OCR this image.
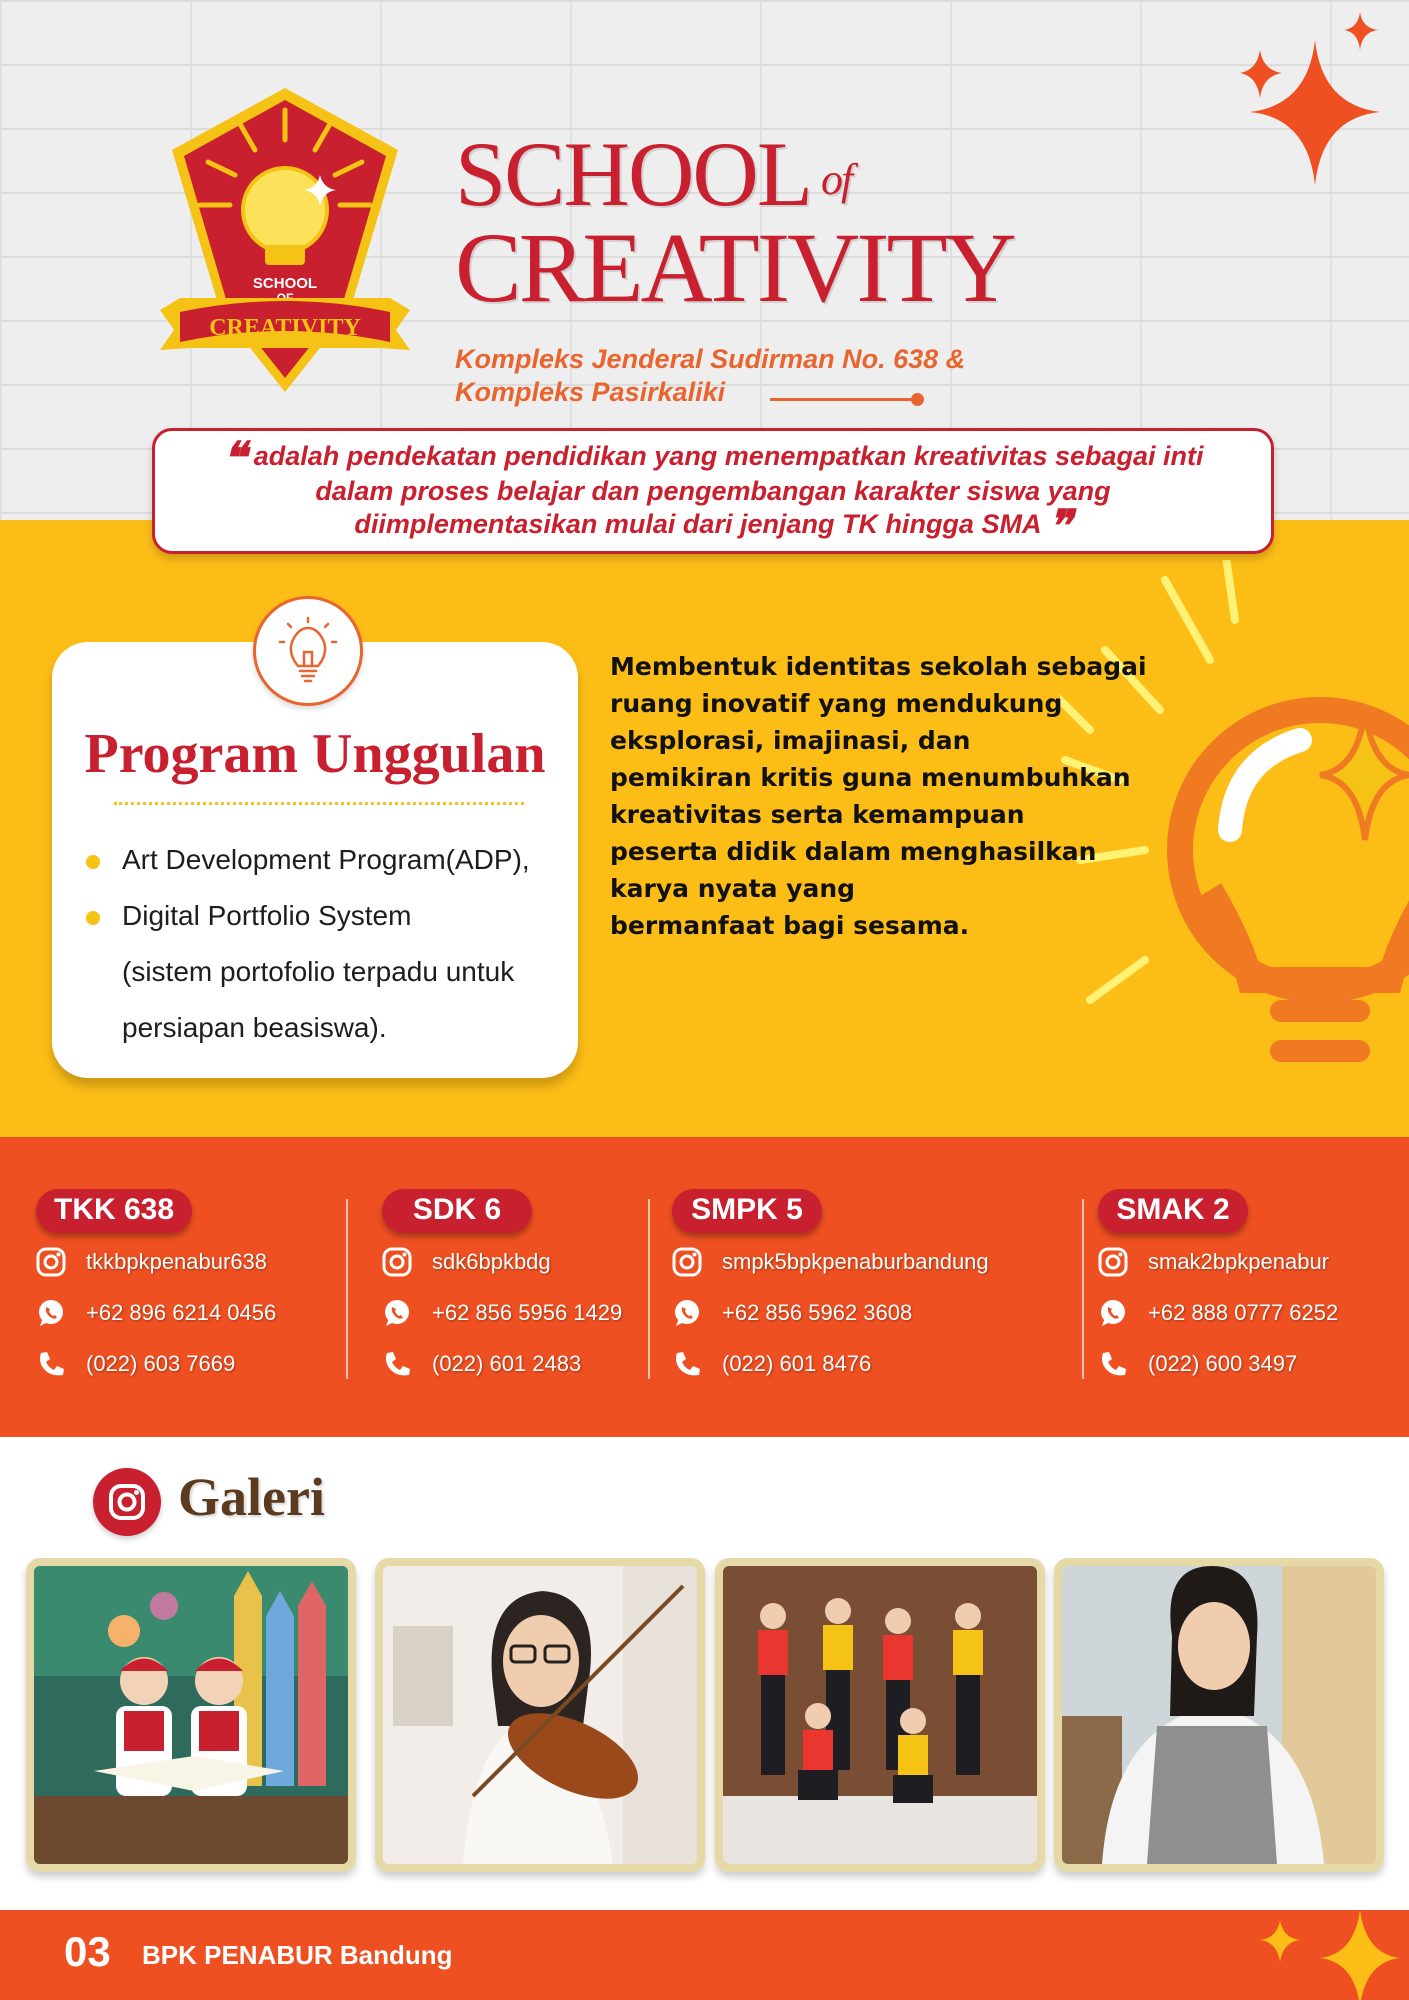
SCHOOL
CREATIVITY
SCHOOL $^{of}$
CREATIVITY
Kompleks Jenderal Sudirman No. 638 &
Kompleks Pasirkaliki

❝ adalah pendekatan pendidikan yang menempatkan kreativitas sebagai inti dalam proses belajar dan pengembangan karakter siswa yang diimplementasikan mulai dari jenjang TK hingga SMA ❞

Program Unggulan
Art Development Program(ADP),
Digital Portfolio System
(sistem portofolio terpadu untuk
persiapan beasiswa).
Membentuk identitas sekolah sebagai
ruang inovatif yang mendukung
eksplorasi, imajinasi, dan
pemikiran kritis guna menumbuhkan
kreativitas serta kemampuan
peserta didik dalam menghasilkan
karya nyata yang
bermanfaat bagi sesama.
TKK 638
tkkbpkpenabur638
+62 896 6214 0456
(022) 603 7669
SDK 6
sdk6bpkbdg
+62 856 5956 1429
(022) 601 2483
SMPK 5
smpk5bpkpenaburbandung
+62 856 5962 3608
(022) 601 8476
SMAK 2
smak2bpkpenabur
+62 888 0777 6252
(022) 600 3497
Galeri
03 BPK PENABUR Bandung
